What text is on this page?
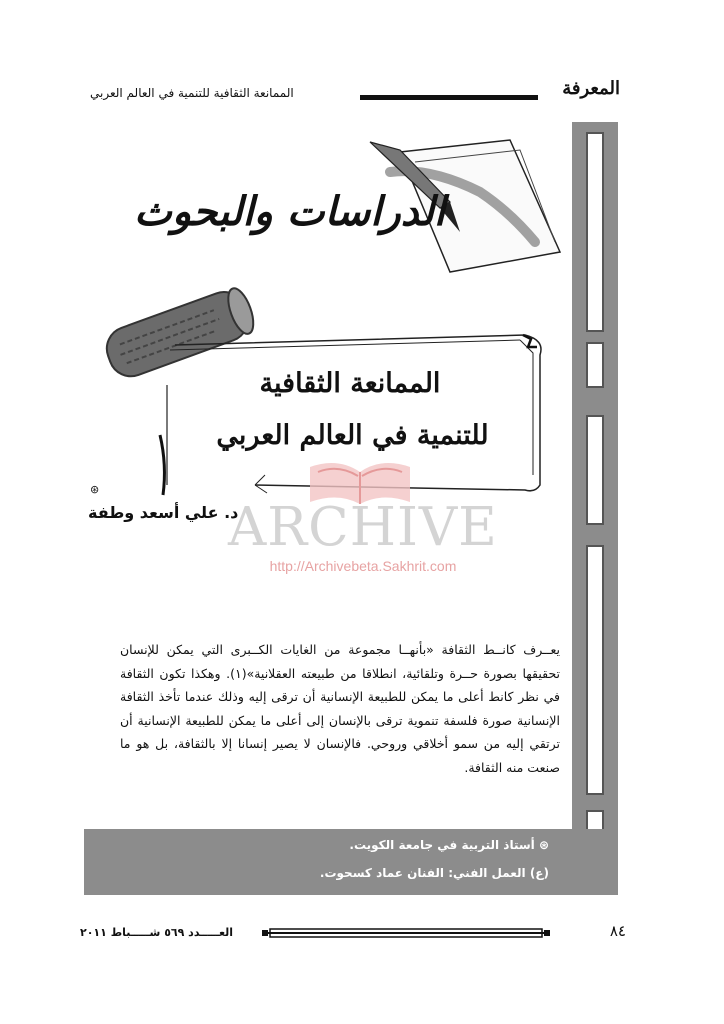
المعرفة
الممانعة الثقافية للتنمية في العالم العربي
الدراسات والبحوث
الممانعة الثقافية
للتنمية في العالم العربي
ARCHIVE
http://Archivebeta.Sakhrit.com
⊛
د. علي أسعد وطفة

يعــرف كانــط الثقافة «بأنهــا مجموعة من الغايات الكــبرى التي يمكن للإنسان تحقيقها بصورة حــرة وتلقائية، انطلاقا من طبيعته العقلانية»(١). وهكذا تكون الثقافة في نظر كانط أعلى ما يمكن للطبيعة الإنسانية أن ترقى إليه وذلك عندما تأخذ الثقافة الإنسانية صورة فلسفة تنموية ترقى بالإنسان إلى أعلى ما يمكن للطبيعة الإنسانية أن ترتقي إليه من سمو أخلاقي وروحي. فالإنسان لا يصير إنسانا إلا بالثقافة، بل هو ما صنعت منه الثقافة.

⊛ أستاذ التربية في جامعة الكويت.
(ع) العمل الفني: الفنان عماد كسحوت.
العـــــدد ٥٦٩ شـــــباط ٢٠١١	٨٤
